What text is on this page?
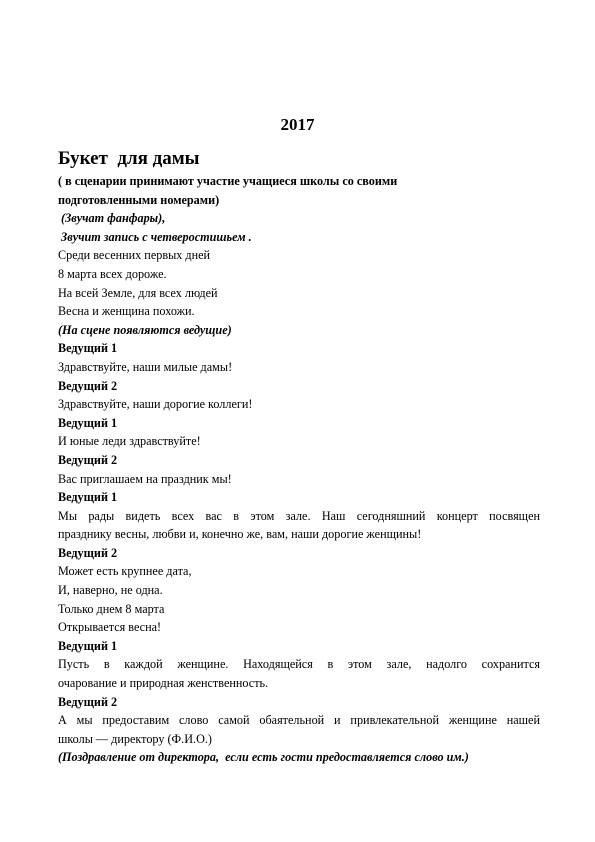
2017
Букет  для дамы
( в сценарии принимают участие учащиеся школы со своими
подготовленными номерами)
(Звучат фанфары),
Звучит запись с четверостишьем .
Среди весенних первых дней
8 марта всех дороже.
На всей Земле, для всех людей
Весна и женщина похожи.
(На сцене появляются ведущие)
Ведущий 1
Здравствуйте, наши милые дамы!
Ведущий 2
Здравствуйте, наши дорогие коллеги!
Ведущий 1
И юные леди здравствуйте!
Ведущий 2
Вас приглашаем на праздник мы!
Ведущий 1
Мы рады видеть всех вас в этом зале. Наш сегодняшний концерт посвящен
празднику весны, любви и, конечно же, вам, наши дорогие женщины!
Ведущий 2
Может есть крупнее дата,
И, наверно, не одна.
Только днем 8 марта
Открывается весна!
Ведущий 1
Пусть в каждой женщине. Находящейся в этом зале, надолго сохранится
очарование и природная женственность.
Ведущий 2
А мы предоставим слово самой обаятельной и привлекательной женщине нашей
школы — директору (Ф.И.О.)
(Поздравление от директора,  если есть гости предоставляется слово им.)
